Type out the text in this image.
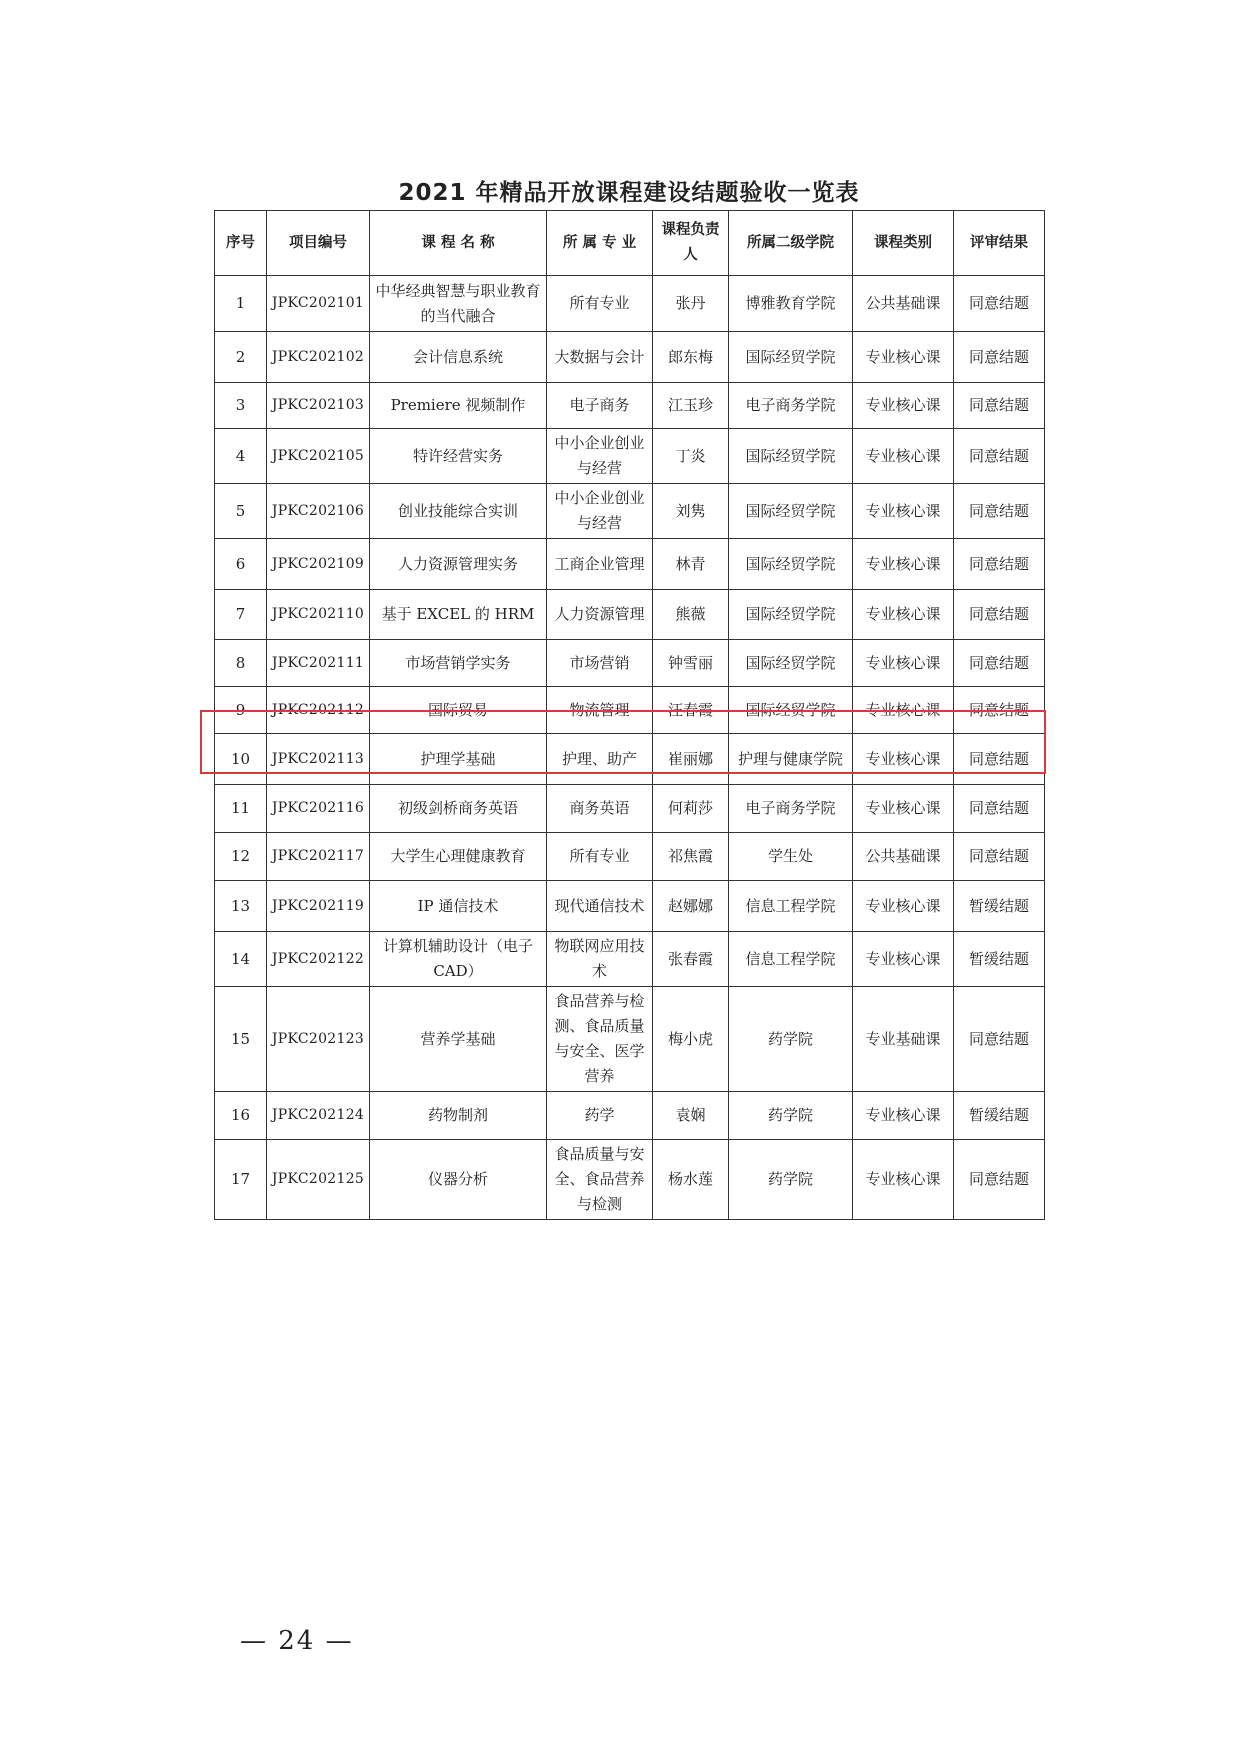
2021 年精品开放课程建设结题验收一览表
序号	项目编号	课 程 名 称	所 属 专 业	课程负责人	所属二级学院	课程类别	评审结果
1	JPKC202101	中华经典智慧与职业教育的当代融合	所有专业	张丹	博雅教育学院	公共基础课	同意结题
2	JPKC202102	会计信息系统	大数据与会计	郎东梅	国际经贸学院	专业核心课	同意结题
3	JPKC202103	Premiere 视频制作	电子商务	江玉珍	电子商务学院	专业核心课	同意结题
4	JPKC202105	特许经营实务	中小企业创业与经营	丁炎	国际经贸学院	专业核心课	同意结题
5	JPKC202106	创业技能综合实训	中小企业创业与经营	刘隽	国际经贸学院	专业核心课	同意结题
6	JPKC202109	人力资源管理实务	工商企业管理	林青	国际经贸学院	专业核心课	同意结题
7	JPKC202110	基于 EXCEL 的 HRM	人力资源管理	熊薇	国际经贸学院	专业核心课	同意结题
8	JPKC202111	市场营销学实务	市场营销	钟雪丽	国际经贸学院	专业核心课	同意结题
9	JPKC202112	国际贸易	物流管理	汪春霞	国际经贸学院	专业核心课	同意结题
10	JPKC202113	护理学基础	护理、助产	崔丽娜	护理与健康学院	专业核心课	同意结题
11	JPKC202116	初级剑桥商务英语	商务英语	何莉莎	电子商务学院	专业核心课	同意结题
12	JPKC202117	大学生心理健康教育	所有专业	祁焦霞	学生处	公共基础课	同意结题
13	JPKC202119	IP 通信技术	现代通信技术	赵娜娜	信息工程学院	专业核心课	暂缓结题
14	JPKC202122	计算机辅助设计（电子CAD）	物联网应用技术	张春霞	信息工程学院	专业核心课	暂缓结题
15	JPKC202123	营养学基础	食品营养与检测、食品质量与安全、医学营养	梅小虎	药学院	专业基础课	同意结题
16	JPKC202124	药物制剂	药学	袁娴	药学院	专业核心课	暂缓结题
17	JPKC202125	仪器分析	食品质量与安全、食品营养与检测	杨水莲	药学院	专业核心课	同意结题
— 24 —
